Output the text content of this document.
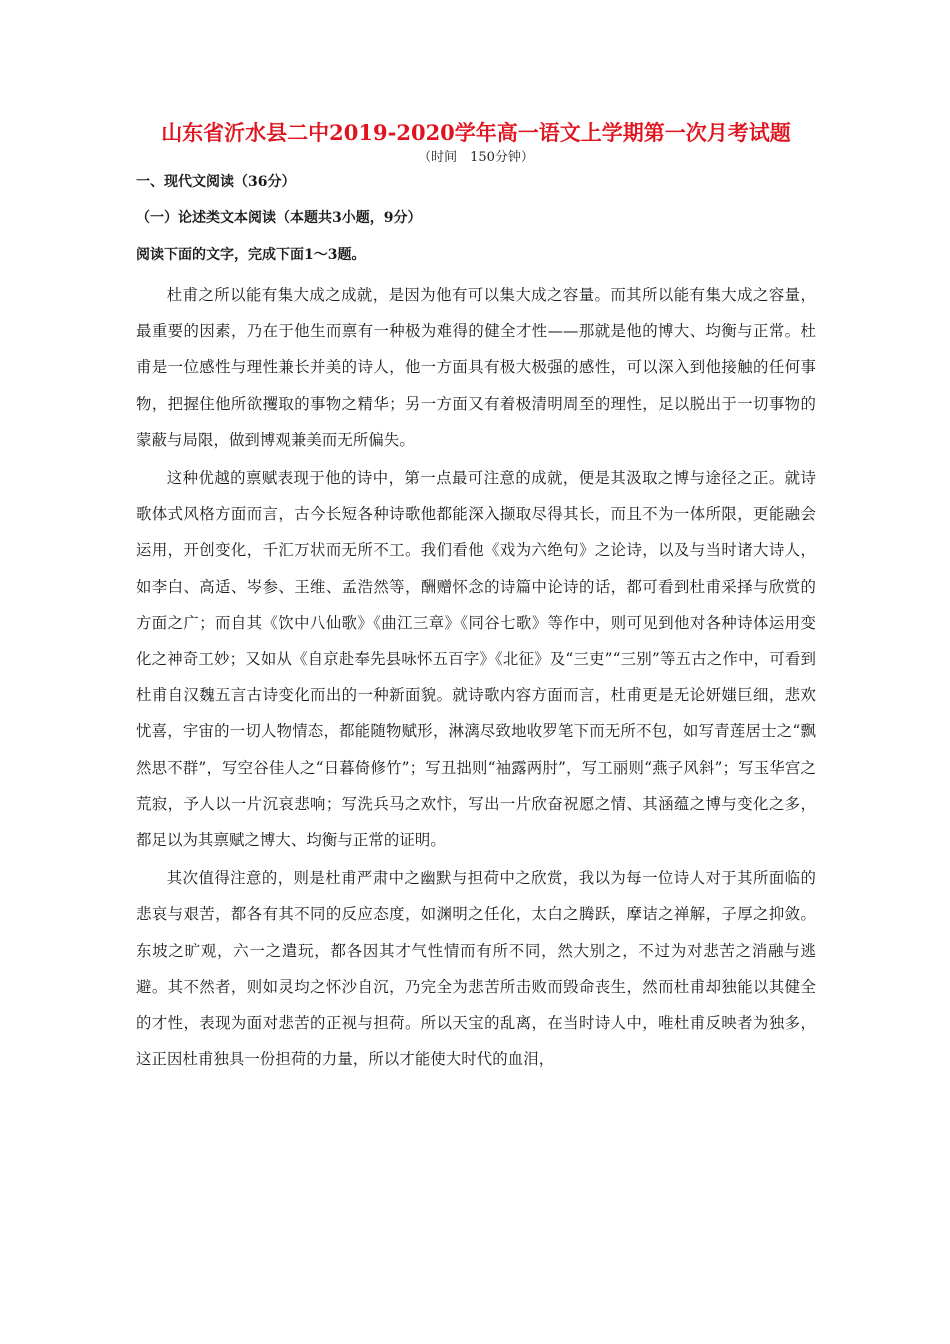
山东省沂水县二中2019-2020学年高一语文上学期第一次月考试题
（时间　150分钟）
一、现代文阅读（36分）
（一）论述类文本阅读（本题共3小题，9分）
阅读下面的文字，完成下面1～3题。

杜甫之所以能有集大成之成就，是因为他有可以集大成之容量。而其所以能有集大成之容量，最重要的因素，乃在于他生而禀有一种极为难得的健全才性——那就是他的博大、均衡与正常。杜甫是一位感性与理性兼长并美的诗人，他一方面具有极大极强的感性，可以深入到他接触的任何事物，把握住他所欲攫取的事物之精华；另一方面又有着极清明周至的理性，足以脱出于一切事物的蒙蔽与局限，做到博观兼美而无所偏失。

这种优越的禀赋表现于他的诗中，第一点最可注意的成就，便是其汲取之博与途径之正。就诗歌体式风格方面而言，古今长短各种诗歌他都能深入撷取尽得其长，而且不为一体所限，更能融会运用，开创变化，千汇万状而无所不工。我们看他《戏为六绝句》之论诗，以及与当时诸大诗人，如李白、高适、岑参、王维、孟浩然等，酬赠怀念的诗篇中论诗的话，都可看到杜甫采择与欣赏的方面之广；而自其《饮中八仙歌》《曲江三章》《同谷七歌》等作中，则可见到他对各种诗体运用变化之神奇工妙；又如从《自京赴奉先县咏怀五百字》《北征》及“三吏”“三别”等五古之作中，可看到杜甫自汉魏五言古诗变化而出的一种新面貌。就诗歌内容方面而言，杜甫更是无论妍媸巨细，悲欢忧喜，宇宙的一切人物情态，都能随物赋形，淋漓尽致地收罗笔下而无所不包，如写青莲居士之“飘然思不群”，写空谷佳人之“日暮倚修竹”；写丑拙则“袖露两肘”，写工丽则“燕子风斜”；写玉华宫之荒寂，予人以一片沉哀悲响；写洗兵马之欢忭，写出一片欣奋祝愿之情、其涵蕴之博与变化之多，都足以为其禀赋之博大、均衡与正常的证明。

其次值得注意的，则是杜甫严肃中之幽默与担荷中之欣赏，我以为每一位诗人对于其所面临的悲哀与艰苦，都各有其不同的反应态度，如渊明之任化，太白之腾跃，摩诘之禅解，子厚之抑敛。东坡之旷观，六一之遣玩，都各因其才气性情而有所不同，然大别之，不过为对悲苦之消融与逃避。其不然者，则如灵均之怀沙自沉，乃完全为悲苦所击败而毁命丧生，然而杜甫却独能以其健全的才性，表现为面对悲苦的正视与担荷。所以天宝的乱离，在当时诗人中，唯杜甫反映者为独多，这正因杜甫独具一份担荷的力量，所以才能使大时代的血泪，
